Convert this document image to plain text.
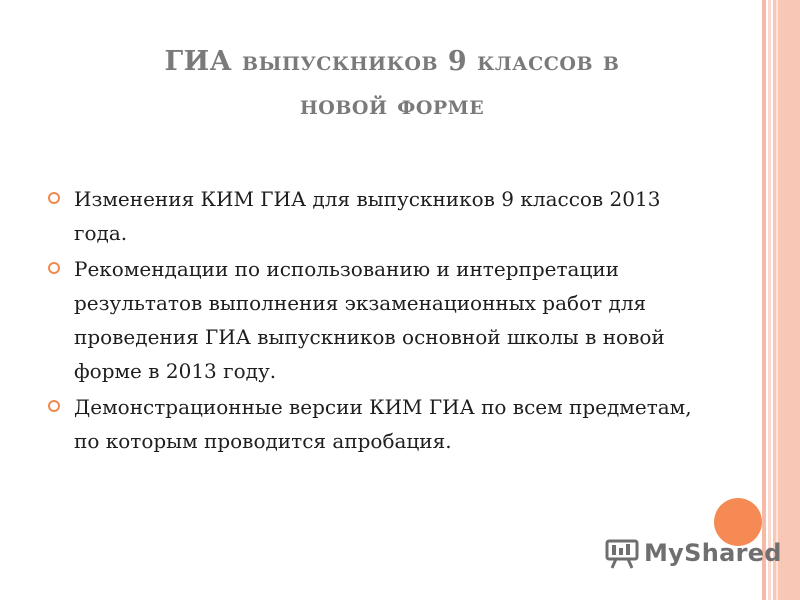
ГИА выпускников 9 классов в
новой форме
Изменения КИМ ГИА для выпускников 9 классов 2013 года.
Рекомендации по использованию и интерпретации результатов выполнения экзаменационных работ для проведения ГИА выпускников основной школы в новой форме в 2013 году.
Демонстрационные версии КИМ ГИА по всем предметам, по которым проводится апробация.
MyShared
